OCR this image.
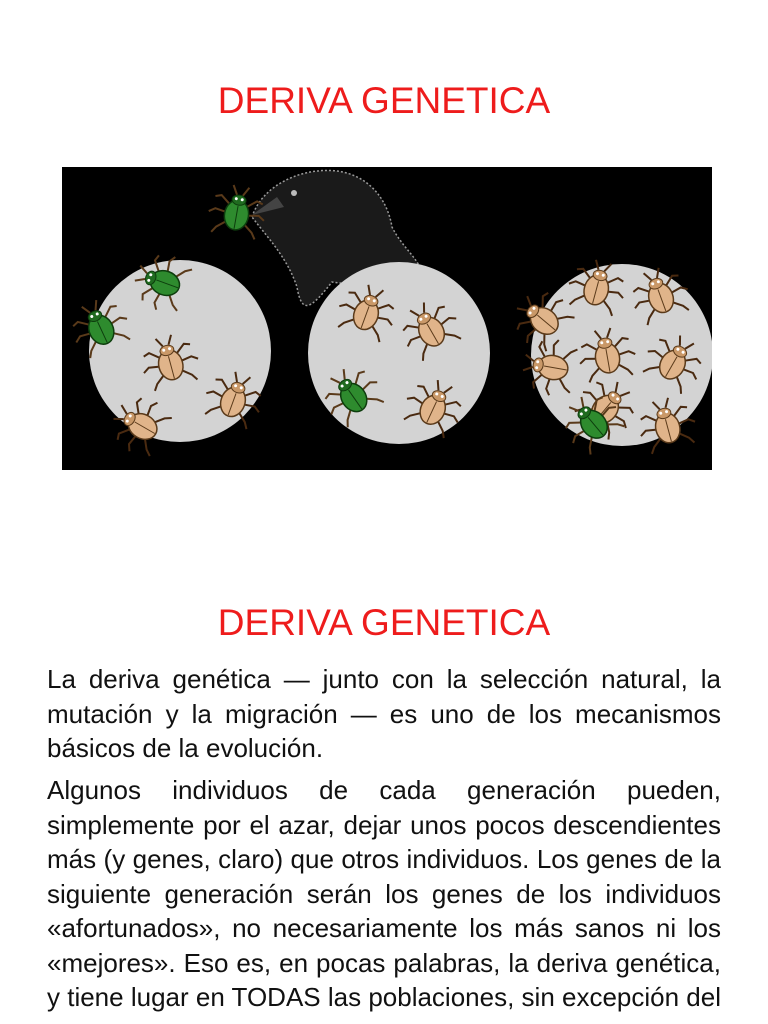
DERIVA GENETICA
DERIVA GENETICA

La deriva genética — junto con la selección natural, la mutación y la migración — es uno de los mecanismos básicos de la evolución.

Algunos individuos de cada generación pueden, simplemente por el azar, dejar unos pocos descendientes más (y genes, claro) que otros individuos. Los genes de la siguiente generación serán los genes de los individuos «afortunados», no necesariamente los más sanos ni los «mejores». Eso es, en pocas palabras, la deriva genética, y tiene lugar en TODAS las poblaciones, sin excepción del
